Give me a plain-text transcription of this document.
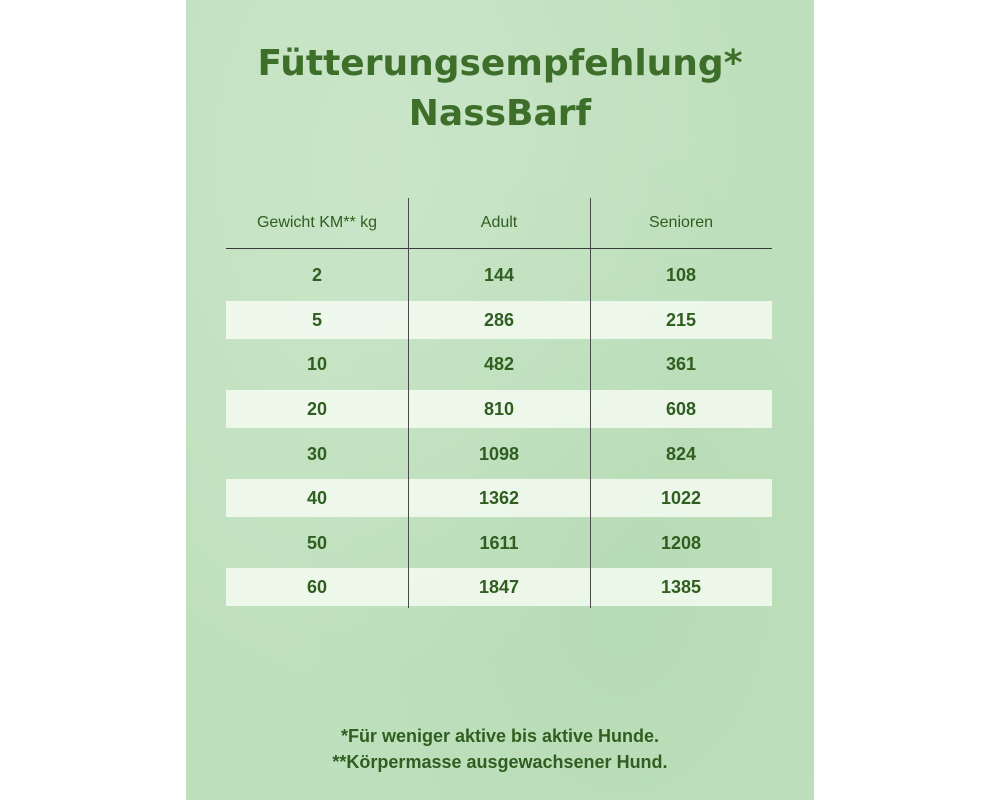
Fütterungsempfehlung*
NassBarf
Gewicht KM** kg	Adult	Senioren
2	144	108
5	286	215
10	482	361
20	810	608
30	1098	824
40	1362	1022
50	1611	1208
60	1847	1385
*Für weniger aktive bis aktive Hunde.
**Körpermasse ausgewachsener Hund.
